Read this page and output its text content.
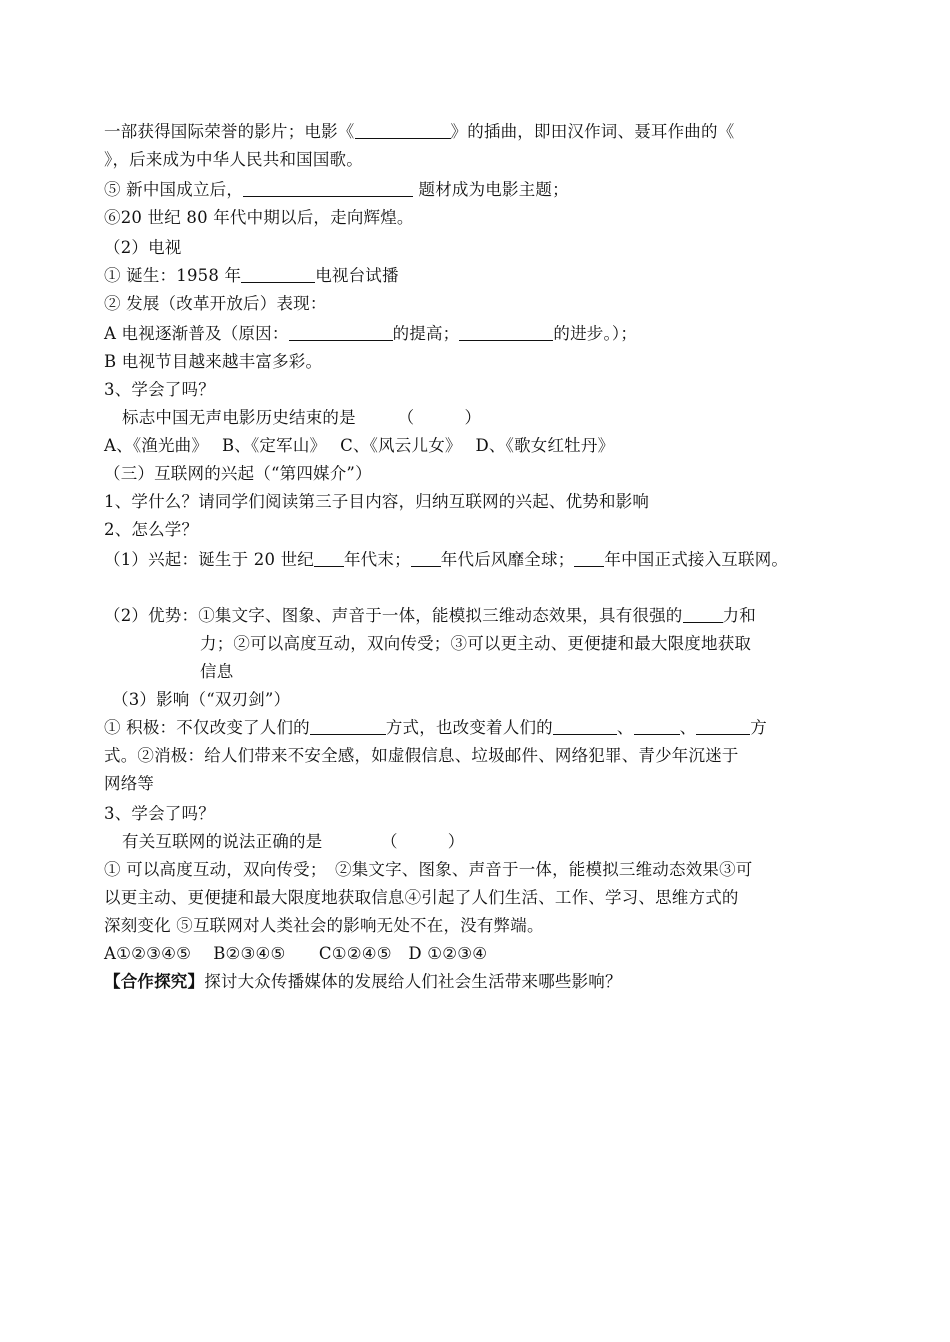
一部获得国际荣誉的影片；电影《	》的插曲，即田汉作词、聂耳作曲的《
》，后来成为中华人民共和国国歌。
⑤ 新中国成立后，	题材成为电影主题；
⑥20 世纪 80 年代中期以后，走向辉煌。
（2）电视
① 诞生：1958 年	电视台试播
② 发展（改革开放后）表现：
A 电视逐渐普及（原因：	的提高；	的进步。）；
B 电视节目越来越丰富多彩。
3、学会了吗？
标志中国无声电影历史结束的是　　　（　　　）
A、《渔光曲》　 B、《定军山》　 C、《风云儿女》　 D、《歌女红牡丹》
（三）互联网的兴起（“第四媒介”）
1、学什么？请同学们阅读第三子目内容，归纳互联网的兴起、优势和影响
2、怎么学？
（1）兴起：诞生于 20 世纪 年代末； 年代后风靡全球； 年中国正式接入互联网。
（2）优势：①集文字、图象、声音于一体，能模拟三维动态效果，具有很强的 力和
力；②可以高度互动，双向传受；③可以更主动、更便捷和最大限度地获取
信息
（3）影响（“双刃剑”）
① 积极：不仅改变了人们的	方式，也改变着人们的	、	、	方
式。②消极：给人们带来不安全感，如虚假信息、垃圾邮件、网络犯罪、青少年沉迷于
网络等
3、学会了吗？
有关互联网的说法正确的是　　　　（　　　）
① 可以高度互动，双向传受；　②集文字、图象、声音于一体，能模拟三维动态效果③可
以更主动、更便捷和最大限度地获取信息④引起了人们生活、工作、学习、思维方式的
深刻变化 ⑤互联网对人类社会的影响无处不在，没有弊端。
A①②③④⑤　 B②③④⑤　　C①②④⑤　D ①②③④
【合作探究】探讨大众传播媒体的发展给人们社会生活带来哪些影响？
